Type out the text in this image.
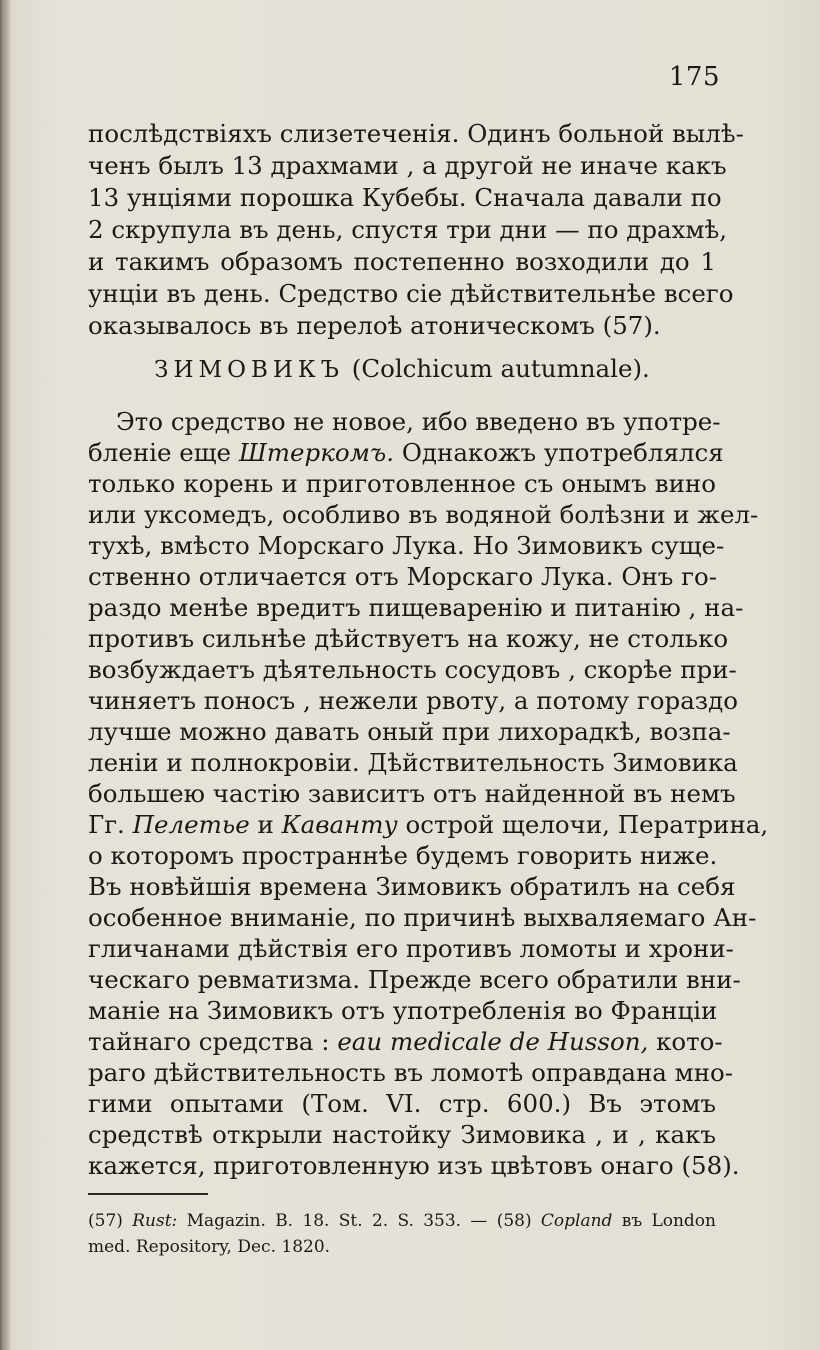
175
послѣдствіяхъ слизетеченія. Одинъ больной вылѣ-
ченъ былъ 13 драхмами , а другой не иначе какъ
13 унціями порошка Кубебы. Сначала давали по
2 скрупула въ день, спустя три дни — по драхмѣ,
и такимъ образомъ постепенно возходили до 1
унціи въ день. Средство сіе дѣйствительнѣе всего
оказывалось въ перелоѣ атоническомъ (57).
ЗИМОВИКЪ (Colchicum autumnale).
Это средство не новое, ибо введено въ употре-
бленіе еще Штеркомъ. Однакожъ употреблялся
только корень и приготовленное съ онымъ вино
или уксомедъ, особливо въ водяной болѣзни и жел-
тухѣ, вмѣсто Морскаго Лука. Но Зимовикъ суще-
ственно отличается отъ Морскаго Лука. Онъ го-
раздо менѣе вредитъ пищеваренію и питанію , на-
противъ сильнѣе дѣйствуетъ на кожу, не столько
возбуждаетъ дѣятельность сосудовъ , скорѣе при-
чиняетъ поносъ , нежели рвоту, а потому гораздо
лучше можно давать оный при лихорадкѣ, возпа-
леніи и полнокровіи. Дѣйствительность Зимовика
большею частію зависитъ отъ найденной въ немъ
Гг. Пелетье и Каванту острой щелочи, Ператрина,
о которомъ пространнѣе будемъ говорить ниже.
Въ новѣйшія времена Зимовикъ обратилъ на себя
особенное вниманіе, по причинѣ выхваляемаго Ан-
гличанами дѣйствія его противъ ломоты и хрони-
ческаго ревматизма. Прежде всего обратили вни-
маніе на Зимовикъ отъ употребленія во Франціи
тайнаго средства : eau medicale de Husson, кото-
раго дѣйствительность въ ломотѣ оправдана мно-
гими опытами (Том. VI. стр. 600.) Въ этомъ
средствѣ открыли настойку Зимовика , и , какъ
кажется, приготовленную изъ цвѣтовъ онаго (58).
(57) Rust: Magazin. B. 18. St. 2. S. 353. — (58) Copland въ London
med. Repository, Dec. 1820.
